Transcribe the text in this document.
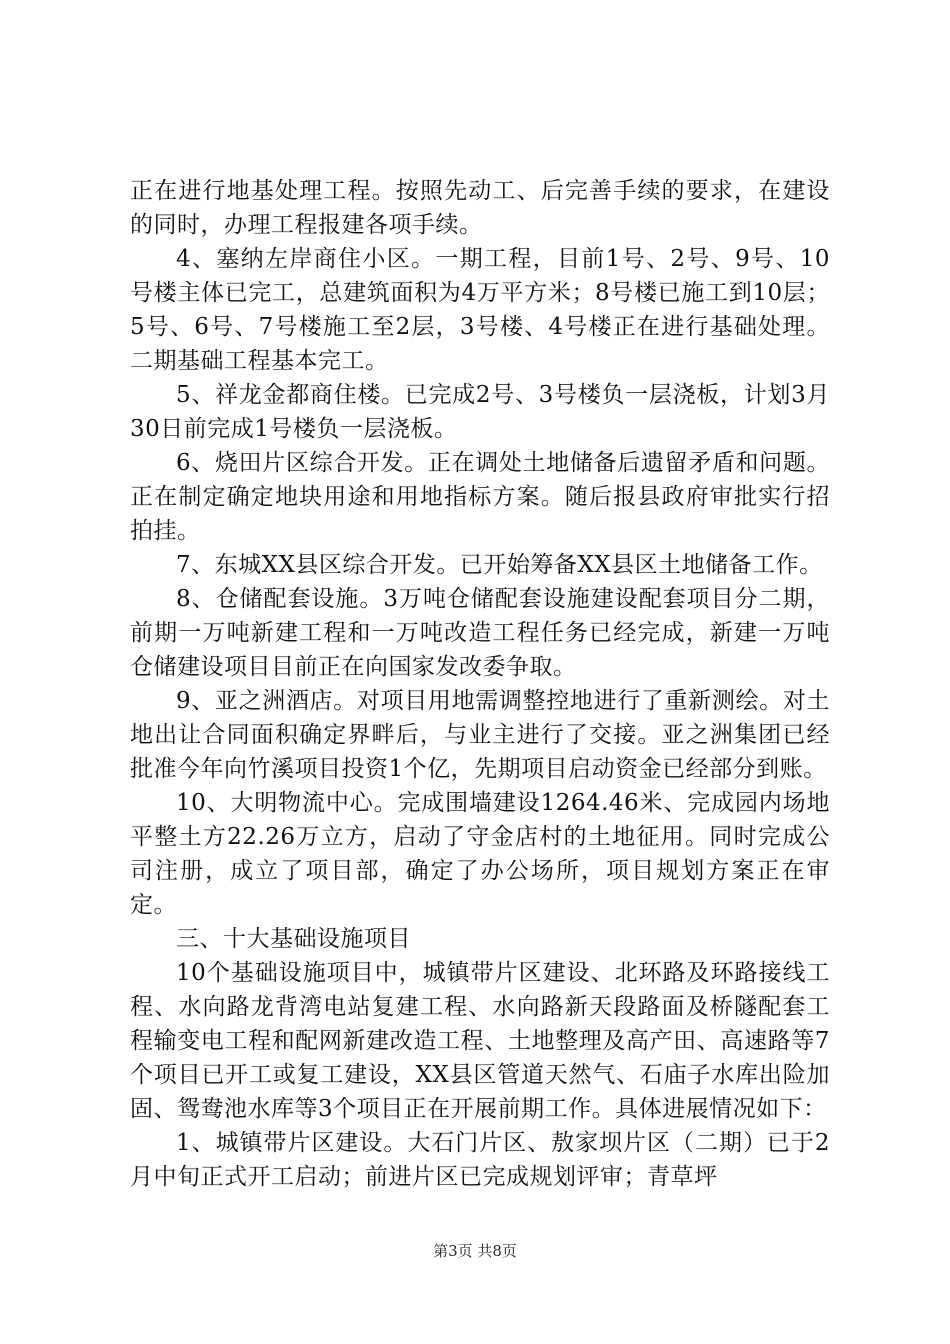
正在进行地基处理工程。按照先动工、后完善手续的要求，在建设的同时，办理工程报建各项手续。

4、塞纳左岸商住小区。一期工程，目前1号、2号、9号、10号楼主体已完工，总建筑面积为4万平方米；8号楼已施工到10层；5号、6号、7号楼施工至2层，3号楼、4号楼正在进行基础处理。二期基础工程基本完工。

5、祥龙金都商住楼。已完成2号、3号楼负一层浇板，计划3月30日前完成1号楼负一层浇板。

6、烧田片区综合开发。正在调处土地储备后遗留矛盾和问题。正在制定确定地块用途和用地指标方案。随后报县政府审批实行招拍挂。

7、东城XX县区综合开发。已开始筹备XX县区土地储备工作。

8、仓储配套设施。3万吨仓储配套设施建设配套项目分二期，前期一万吨新建工程和一万吨改造工程任务已经完成，新建一万吨仓储建设项目目前正在向国家发改委争取。

9、亚之洲酒店。对项目用地需调整控地进行了重新测绘。对土地出让合同面积确定界畔后，与业主进行了交接。亚之洲集团已经批准今年向竹溪项目投资1个亿，先期项目启动资金已经部分到账。

10、大明物流中心。完成围墙建设1264.46米、完成园内场地平整土方22.26万立方，启动了守金店村的土地征用。同时完成公司注册，成立了项目部，确定了办公场所，项目规划方案正在审定。

三、十大基础设施项目

10个基础设施项目中，城镇带片区建设、北环路及环路接线工程、水向路龙背湾电站复建工程、水向路新天段路面及桥隧配套工程输变电工程和配网新建改造工程、土地整理及高产田、高速路等7个项目已开工或复工建设，XX县区管道天然气、石庙子水库出险加固、鸳鸯池水库等3个项目正在开展前期工作。具体进展情况如下：

1、城镇带片区建设。大石门片区、敖家坝片区（二期）已于2月中旬正式开工启动；前进片区已完成规划评审；青草坪

第3页 共8页
